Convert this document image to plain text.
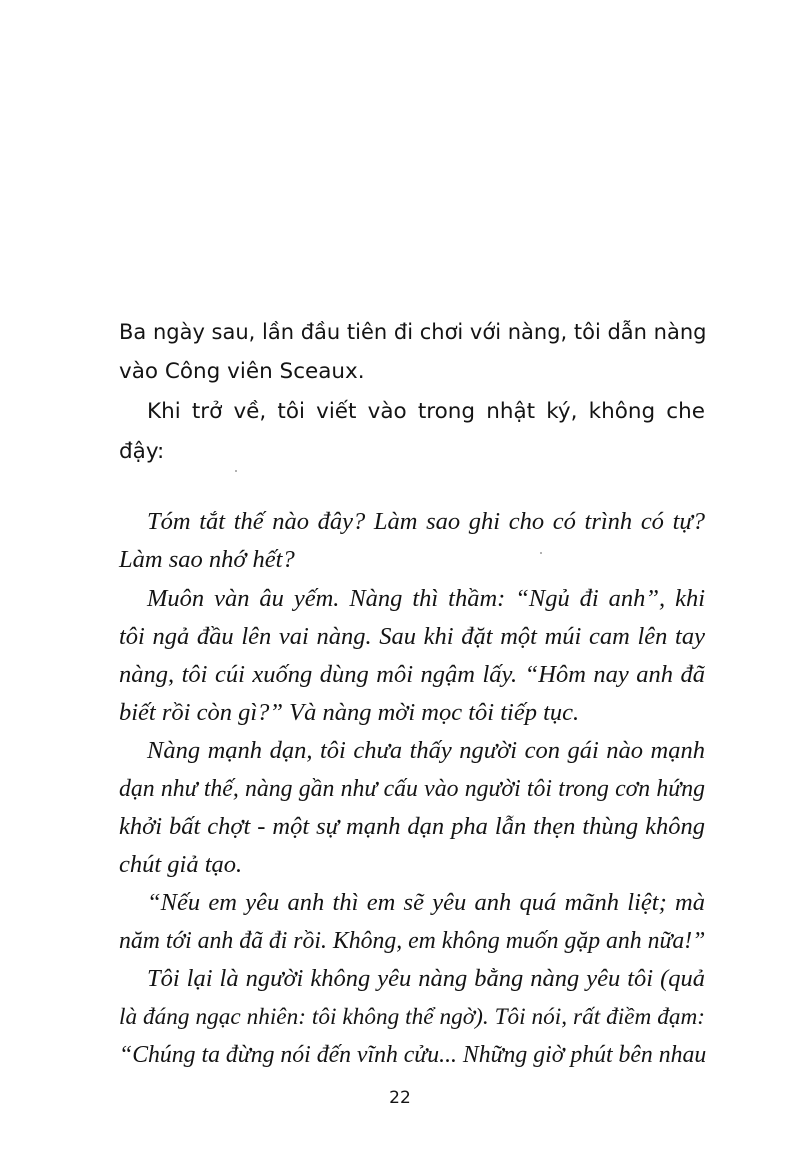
Ba ngày sau, lần đầu tiên đi chơi với nàng, tôi dẫn nàng

vào Công viên Sceaux.

Khi trở về, tôi viết vào trong nhật ký, không che

đậy:

Tóm tắt thế nào đây? Làm sao ghi cho có trình có tự?

Làm sao nhớ hết?

Muôn vàn âu yếm. Nàng thì thầm: “Ngủ đi anh”, khi

tôi ngả đầu lên vai nàng. Sau khi đặt một múi cam lên tay

nàng, tôi cúi xuống dùng môi ngậm lấy. “Hôm nay anh đã

biết rồi còn gì?” Và nàng mời mọc tôi tiếp tục.

Nàng mạnh dạn, tôi chưa thấy người con gái nào mạnh

dạn như thế, nàng gần như cấu vào người tôi trong cơn hứng

khởi bất chợt - một sự mạnh dạn pha lẫn thẹn thùng không

chút giả tạo.

“Nếu em yêu anh thì em sẽ yêu anh quá mãnh liệt; mà

năm tới anh đã đi rồi. Không, em không muốn gặp anh nữa!”

Tôi lại là người không yêu nàng bằng nàng yêu tôi (quả

là đáng ngạc nhiên: tôi không thể ngờ). Tôi nói, rất điềm đạm:

“Chúng ta đừng nói đến vĩnh cửu... Những giờ phút bên nhau

22
